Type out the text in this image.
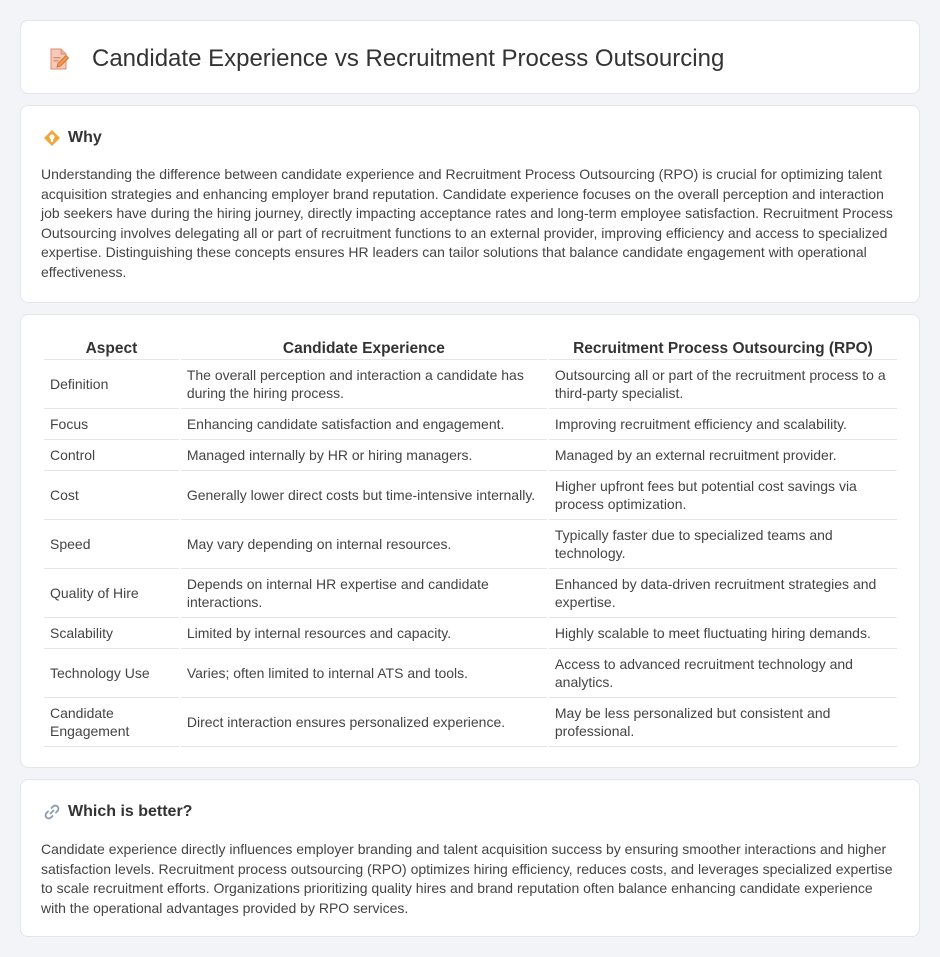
Candidate Experience vs Recruitment Process Outsourcing
Why

Understanding the difference between candidate experience and Recruitment Process Outsourcing (RPO) is crucial for optimizing talent acquisition strategies and enhancing employer brand reputation. Candidate experience focuses on the overall perception and interaction job seekers have during the hiring journey, directly impacting acceptance rates and long-term employee satisfaction. Recruitment Process Outsourcing involves delegating all or part of recruitment functions to an external provider, improving efficiency and access to specialized expertise. Distinguishing these concepts ensures HR leaders can tailor solutions that balance candidate engagement with operational effectiveness.

Aspect	Candidate Experience	Recruitment Process Outsourcing (RPO)
Definition	The overall perception and interaction a candidate has during the hiring process.	Outsourcing all or part of the recruitment process to a third-party specialist.
Focus	Enhancing candidate satisfaction and engagement.	Improving recruitment efficiency and scalability.
Control	Managed internally by HR or hiring managers.	Managed by an external recruitment provider.
Cost	Generally lower direct costs but time-intensive internally.	Higher upfront fees but potential cost savings via process optimization.
Speed	May vary depending on internal resources.	Typically faster due to specialized teams and technology.
Quality of Hire	Depends on internal HR expertise and candidate interactions.	Enhanced by data-driven recruitment strategies and expertise.
Scalability	Limited by internal resources and capacity.	Highly scalable to meet fluctuating hiring demands.
Technology Use	Varies; often limited to internal ATS and tools.	Access to advanced recruitment technology and analytics.
Candidate Engagement	Direct interaction ensures personalized experience.	May be less personalized but consistent and professional.
Which is better?

Candidate experience directly influences employer branding and talent acquisition success by ensuring smoother interactions and higher satisfaction levels. Recruitment process outsourcing (RPO) optimizes hiring efficiency, reduces costs, and leverages specialized expertise to scale recruitment efforts. Organizations prioritizing quality hires and brand reputation often balance enhancing candidate experience with the operational advantages provided by RPO services.
